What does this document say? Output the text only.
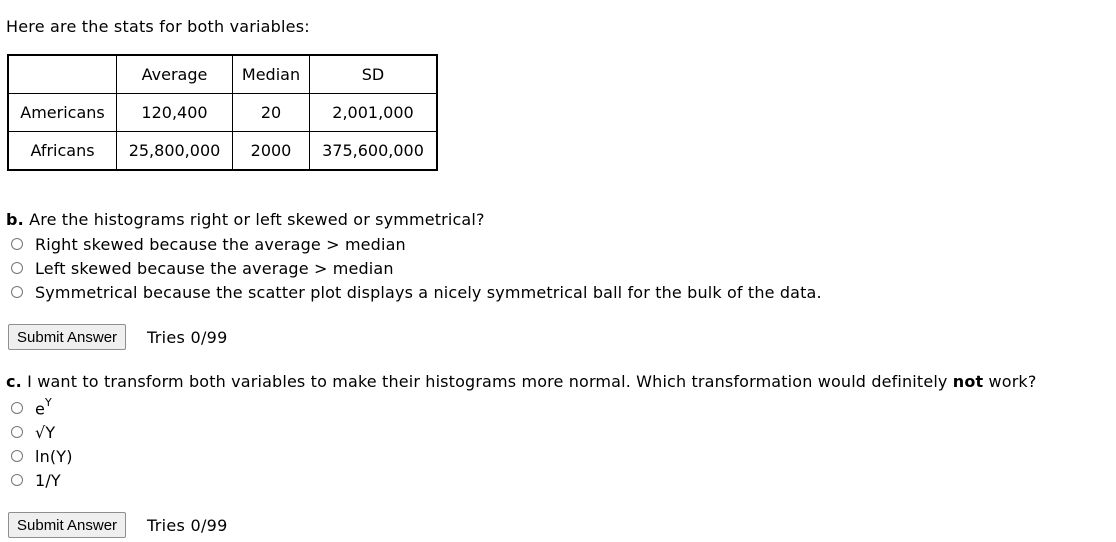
Here are the stats for both variables:
	Average	Median	SD
Americans	120,400	20	2,001,000
Africans	25,800,000	2000	375,600,000
b. Are the histograms right or left skewed or symmetrical?
Right skewed because the average > median
Left skewed because the average > median
Symmetrical because the scatter plot displays a nicely symmetrical ball for the bulk of the data.
Submit Answer	Tries 0/99
c. I want to transform both variables to make their histograms more normal. Which transformation would definitely not work?
$e^Y$
√Y
ln(Y)
1/Y
Submit Answer	Tries 0/99
